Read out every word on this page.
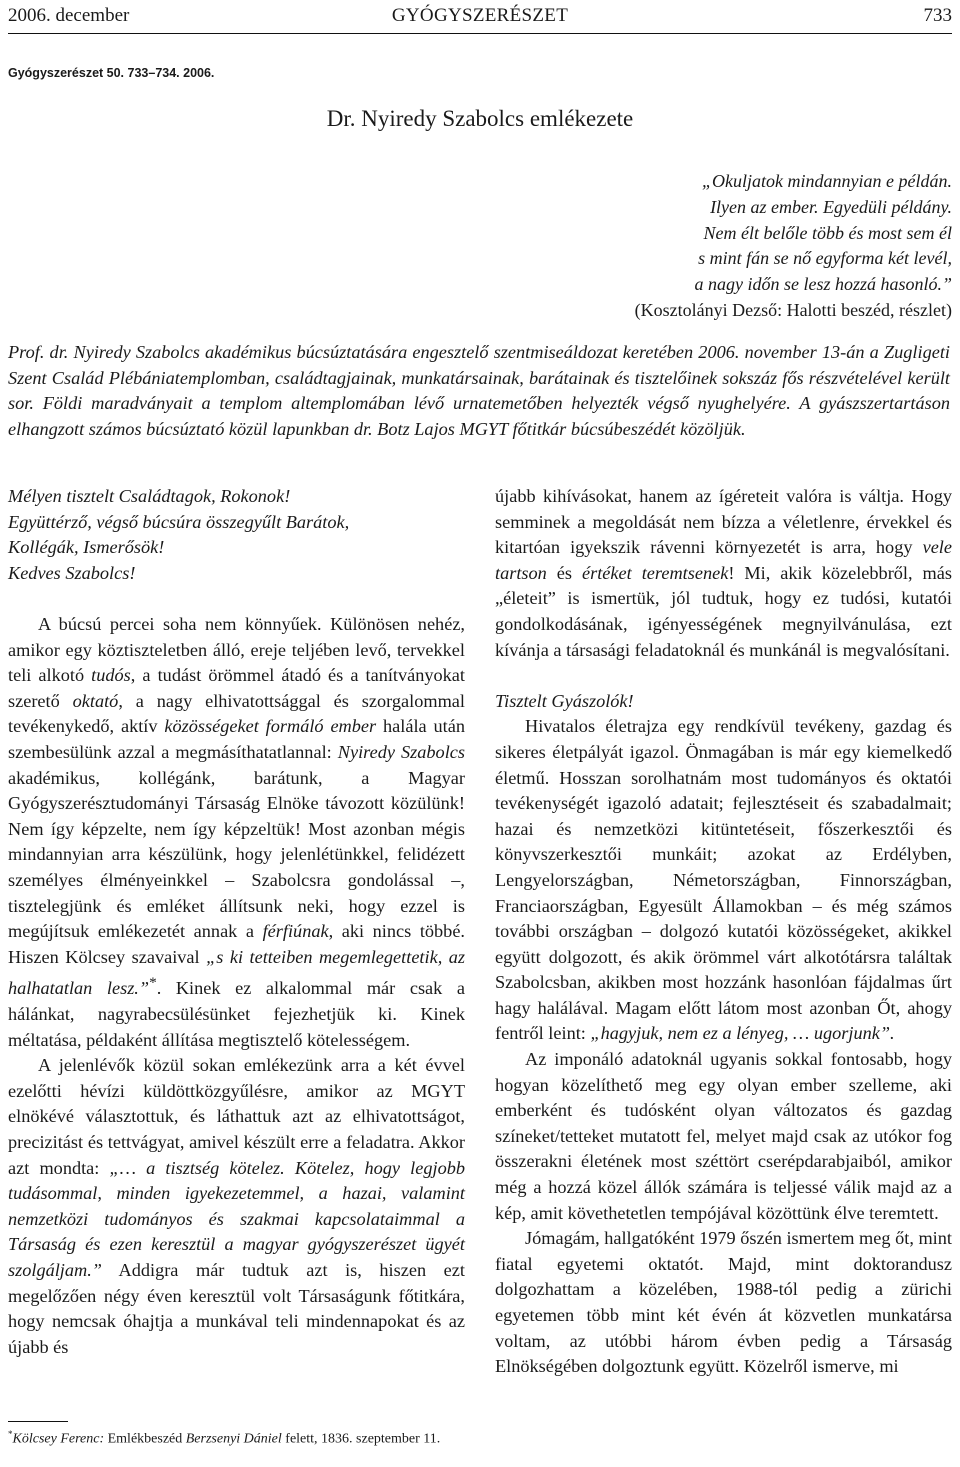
2006. december	GYÓGYSZERÉSZET	733
Gyógyszerészet 50. 733–734. 2006.
Dr. Nyiredy Szabolcs emlékezete
„Okuljatok mindannyian e példán.
Ilyen az ember. Egyedüli példány.
Nem élt belőle több és most sem él
s mint fán se nő egyforma két levél,
a nagy időn se lesz hozzá hasonló.”
(Kosztolányi Dezső: Halotti beszéd, részlet)
Prof. dr. Nyiredy Szabolcs akadémikus búcsúztatására engesztelő szentmiseáldozat keretében 2006. november 13-án a Zugligeti Szent Család Plébániatemplomban, családtagjainak, munkatársainak, barátainak és tisztelőinek sokszáz fős részvételével került sor. Földi maradványait a templom altemplomában lévő urnatemetőben helyezték végső nyughelyére. A gyászszertartáson elhangzott számos búcsúztató közül lapunkban dr. Botz Lajos MGYT főtitkár búcsúbeszédét közöljük.

Mélyen tisztelt Családtagok, Rokonok!

Együttérző, végső búcsúra összegyűlt Barátok,

Kollégák, Ismerősök!

Kedves Szabolcs!

A búcsú percei soha nem könnyűek. Különösen nehéz, amikor egy köztiszteletben álló, ereje teljében levő, tervekkel teli alkotó tudós, a tudást örömmel átadó és a tanítványokat szerető oktató, a nagy elhivatottsággal és szorgalommal tevékenykedő, aktív közösségeket formáló ember halála után szembesülünk azzal a megmásíthatatlannal: Nyiredy Szabolcs akadémikus, kollégánk, barátunk, a Magyar Gyógyszerésztudományi Társaság Elnöke távozott közülünk! Nem így képzelte, nem így képzeltük! Most azonban mégis mindannyian arra készülünk, hogy jelenlétünkkel, felidézett személyes élményeinkkel – Szabolcsra gondolással –, tisztelegjünk és emléket állítsunk neki, hogy ezzel is megújítsuk emlékezetét annak a férfiúnak, aki nincs többé. Hiszen Kölcsey szavaival „s ki tetteiben megemlegettetik, az halhatatlan lesz.”*. Kinek ez alkalommal már csak a hálánkat, nagyrabecsülésünket fejezhetjük ki. Kinek méltatása, példaként állítása megtisztelő kötelességem.

A jelenlévők közül sokan emlékezünk arra a két évvel ezelőtti hévízi küldöttközgyűlésre, amikor az MGYT elnökévé választottuk, és láthattuk azt az elhivatottságot, precizitást és tettvágyat, amivel készült erre a feladatra. Akkor azt mondta: „… a tisztség kötelez. Kötelez, hogy legjobb tudásommal, minden igyekezetemmel, a hazai, valamint nemzetközi tudományos és szakmai kapcsolataimmal a Társaság és ezen keresztül a magyar gyógyszerészet ügyét szolgáljam.” Addigra már tudtuk azt is, hiszen ezt megelőzően négy éven keresztül volt Társaságunk főtitkára, hogy nemcsak óhajtja a munkával teli mindennapokat és az újabb és

újabb kihívásokat, hanem az ígéreteit valóra is váltja. Hogy semminek a megoldását nem bízza a véletlenre, érvekkel és kitartóan igyekszik rávenni környezetét is arra, hogy vele tartson és értéket teremtsenek! Mi, akik közelebbről, más „életeit” is ismertük, jól tudtuk, hogy ez tudósi, kutatói gondolkodásának, igényességének megnyilvánulása, ezt kívánja a társasági feladatoknál és munkánál is megvalósítani.

Tisztelt Gyászolók!

Hivatalos életrajza egy rendkívül tevékeny, gazdag és sikeres életpályát igazol. Önmagában is már egy kiemelkedő életmű. Hosszan sorolhatnám most tudományos és oktatói tevékenységét igazoló adatait; fejlesztéseit és szabadalmait; hazai és nemzetközi kitüntetéseit, főszerkesztői és könyvszerkesztői munkáit; azokat az Erdélyben, Lengyelországban, Németországban, Finnországban, Franciaországban, Egyesült Államokban – és még számos további országban – dolgozó kutatói közösségeket, akikkel együtt dolgozott, és akik örömmel várt alkotótársra találtak Szabolcsban, akikben most hozzánk hasonlóan fájdalmas űrt hagy halálával. Magam előtt látom most azonban Őt, ahogy fentről leint: „hagyjuk, nem ez a lényeg, … ugorjunk”.

Az imponáló adatoknál ugyanis sokkal fontosabb, hogy hogyan közelíthető meg egy olyan ember szelleme, aki emberként és tudósként olyan változatos és gazdag színeket/tetteket mutatott fel, melyet majd csak az utókor fog összerakni életének most széttört cserépdarabjaiból, amikor még a hozzá közel állók számára is teljessé válik majd az a kép, amit követhetetlen tempójával közöttünk élve teremtett.

Jómagám, hallgatóként 1979 őszén ismertem meg őt, mint fiatal egyetemi oktatót. Majd, mint doktorandusz dolgozhattam a közelében, 1988-tól pedig a zürichi egyetemen több mint két évén át közvetlen munkatársa voltam, az utóbbi három évben pedig a Társaság Elnökségében dolgoztunk együtt. Közelről ismerve, mi

*Kölcsey Ferenc: Emlékbeszéd Berzsenyi Dániel felett, 1836. szeptember 11.
